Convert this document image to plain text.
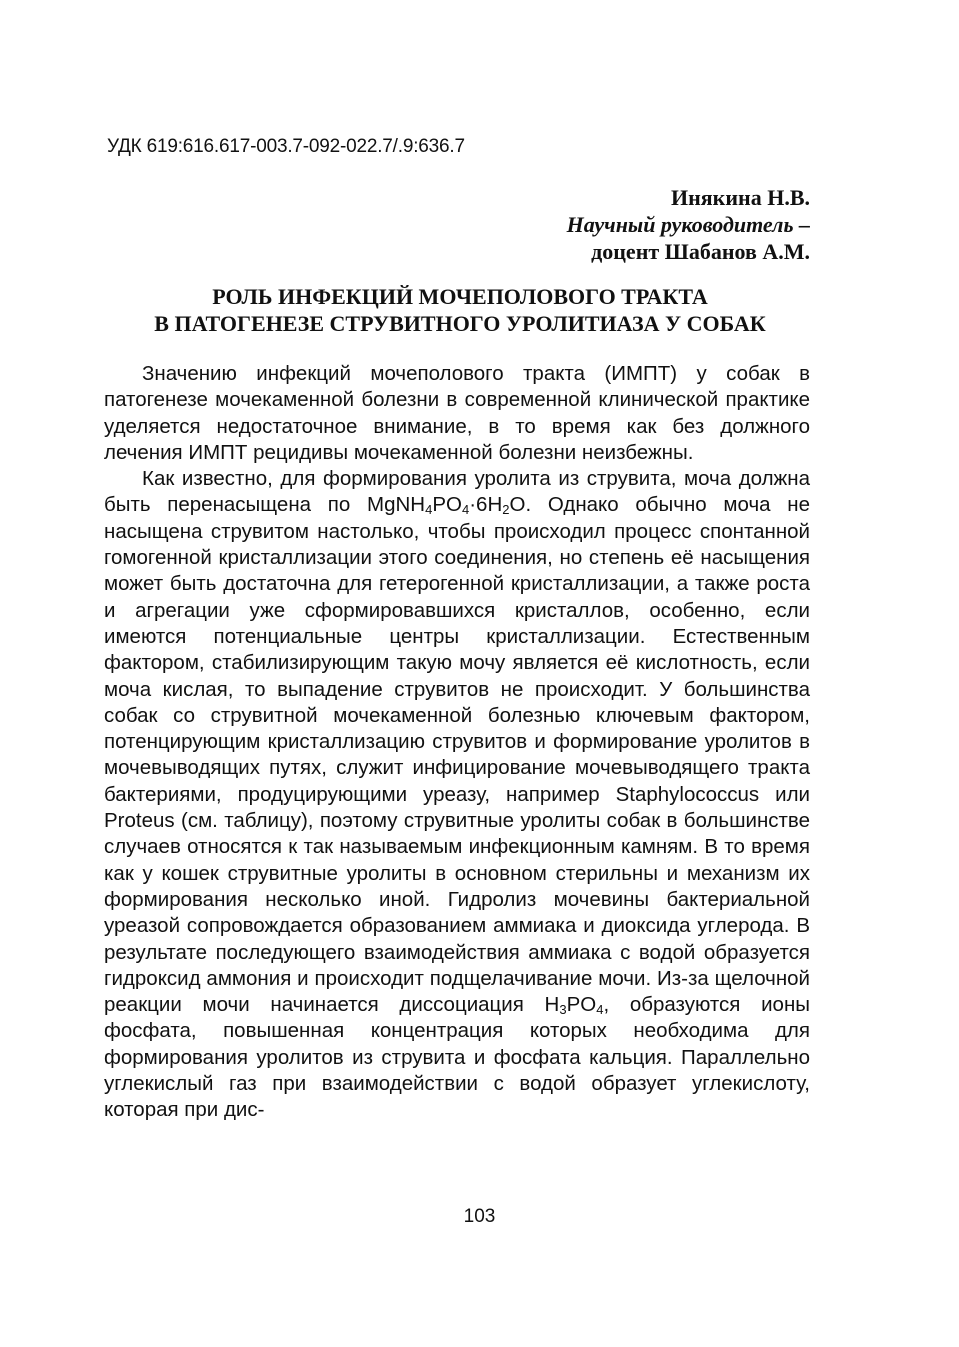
УДК 619:616.617-003.7-092-022.7/.9:636.7
Инякина Н.В.
Научный руководитель –
доцент Шабанов А.М.
РОЛЬ ИНФЕКЦИЙ МОЧЕПОЛОВОГО ТРАКТА
В ПАТОГЕНЕЗЕ СТРУВИТНОГО УРОЛИТИАЗА У СОБАК

Значению инфекций мочеполового тракта (ИМПТ) у собак в патогенезе мочекаменной болезни в современной клинической практике уделяется недостаточное внимание, в то время как без должного лечения ИМПТ рецидивы мочекаменной болезни неизбежны.

Как известно, для формирования уролита из струвита, моча должна быть перенасыщена по $MgNH_4PO_4\cdot 6H_2O$. Однако обычно моча не насыщена струвитом настолько, чтобы происходил процесс спонтанной гомогенной кристаллизации этого соединения, но степень её насыщения может быть достаточна для гетерогенной кристаллизации, а также роста и агрегации уже сформировавшихся кристаллов, особенно, если имеются потенциальные центры кристаллизации. Естественным фактором, стабилизирующим такую мочу является её кислотность, если моча кислая, то выпадение струвитов не происходит. У большинства собак со струвитной мочекаменной болезнью ключевым фактором, потенцирующим кристаллизацию струвитов и формирование уролитов в мочевыводящих путях, служит инфицирование мочевыводящего тракта бактериями, продуцирующими уреазу, например Staphylococcus или Proteus (см. таблицу), поэтому струвитные уролиты собак в большинстве случаев относятся к так называемым инфекционным камням. В то время как у кошек струвитные уролиты в основном стерильны и механизм их формирования несколько иной. Гидролиз мочевины бактериальной уреазой сопровождается образованием аммиака и диоксида углерода. В результате последующего взаимодействия аммиака с водой образуется гидроксид аммония и происходит подщелачивание мочи. Из-за щелочной реакции мочи начинается диссоциация $H_3PO_4$, образуются ионы фосфата, повышенная концентрация которых необходима для формирования уролитов из струвита и фосфата кальция. Параллельно углекислый газ при взаимодействии с водой образует углекислоту, которая при дис-

103
